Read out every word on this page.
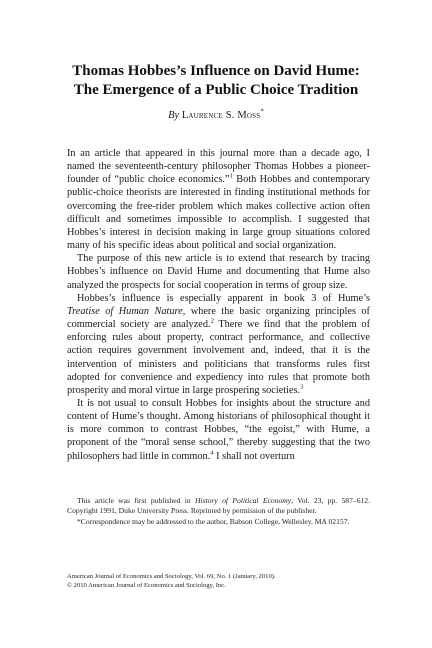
Thomas Hobbes’s Influence on David Hume:
The Emergence of a Public Choice Tradition
By Laurence S. Moss*

In an article that appeared in this journal more than a decade ago, I named the seventeenth-century philosopher Thomas Hobbes a pioneer-founder of “public choice economics.”$^1$ Both Hobbes and contemporary public-choice theorists are interested in finding institutional methods for overcoming the free-rider problem which makes collective action often difficult and sometimes impossible to accomplish. I suggested that Hobbes’s interest in decision making in large group situations colored many of his specific ideas about political and social organization.

The purpose of this new article is to extend that research by tracing Hobbes’s influence on David Hume and documenting that Hume also analyzed the prospects for social cooperation in terms of group size.

Hobbes’s influence is especially apparent in book 3 of Hume’s Treatise of Human Nature, where the basic organizing principles of commercial society are analyzed.$^2$ There we find that the problem of enforcing rules about property, contract performance, and collective action requires government involvement and, indeed, that it is the intervention of ministers and politicians that transforms rules first adopted for convenience and expediency into rules that promote both prosperity and moral virtue in large prospering societies.$^3$

It is not usual to consult Hobbes for insights about the structure and content of Hume’s thought. Among historians of philosophical thought it is more common to contrast Hobbes, “the egoist,” with Hume, a proponent of the “moral sense school,” thereby suggesting that the two philosophers had little in common.$^4$ I shall not overturn

This article was first published in History of Political Economy, Vol. 23, pp. 587–612. Copyright 1991, Duke University Press. Reprinted by permission of the publisher.

*Correspondence may be addressed to the author, Babson College, Wellesley, MA 02157.

American Journal of Economics and Sociology, Vol. 69, No. 1 (January, 2010).
© 2010 American Journal of Economics and Sociology, Inc.
